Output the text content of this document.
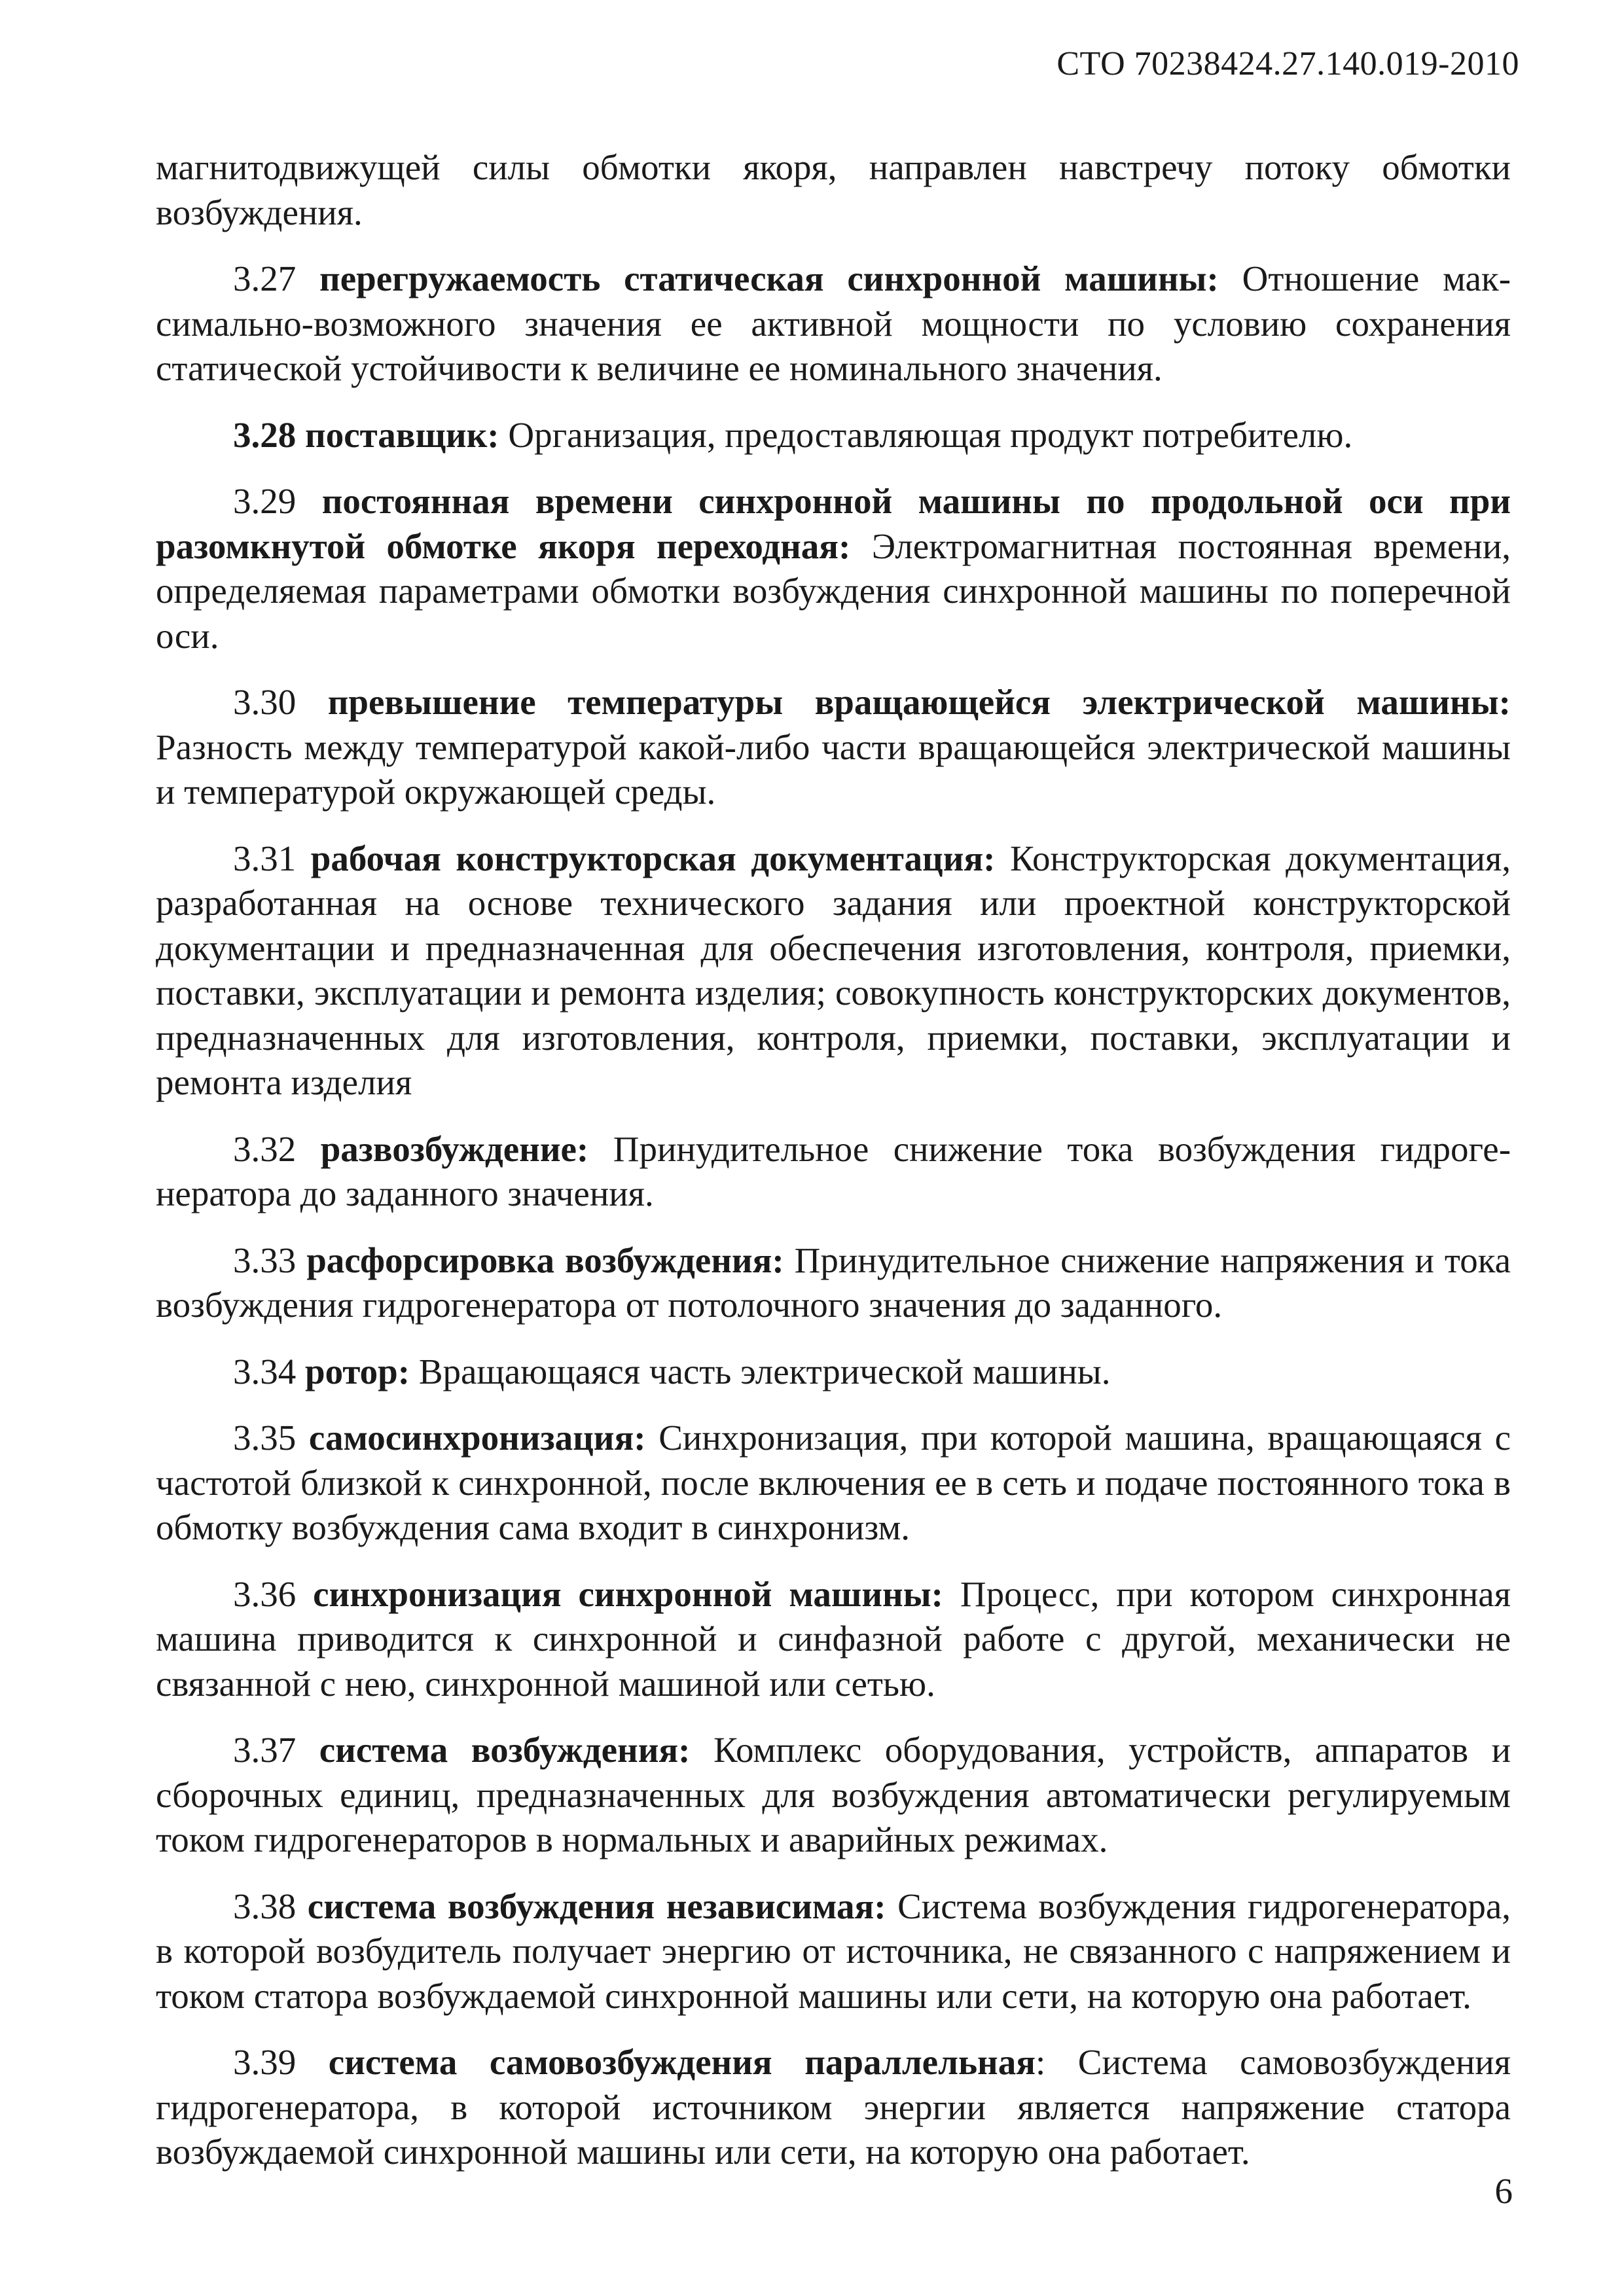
СТО 70238424.27.140.019-2010

магнитодвижущей силы обмотки якоря, направлен навстречу потоку обмотки возбуждения.

3.27 перегружаемость статическая синхронной машины: Отношение максимально-возможного значения ее активной мощности по условию сохранения статической устойчивости к величине ее номинального значения.

3.28 поставщик: Организация, предоставляющая продукт потребителю.

3.29 постоянная времени синхронной машины по продольной оси при разомкнутой обмотке якоря переходная: Электромагнитная постоянная времени, определяемая параметрами обмотки возбуждения синхронной машины по поперечной оси.

3.30 превышение температуры вращающейся электрической машины: Разность между температурой какой-либо части вращающейся электрической машины и температурой окружающей среды.

3.31 рабочая конструкторская документация: Конструкторская документация, разработанная на основе технического задания или проектной конструкторской документации и предназначенная для обеспечения изготовления, контроля, приемки, поставки, эксплуатации и ремонта изделия; совокупность конструкторских документов, предназначенных для изготовления, контроля, приемки, поставки, эксплуатации и ремонта изделия

3.32 развозбуждение: Принудительное снижение тока возбуждения гидрогенератора до заданного значения.

3.33 расфорсировка возбуждения: Принудительное снижение напряжения и тока возбуждения гидрогенератора от потолочного значения до заданного.

3.34 ротор: Вращающаяся часть электрической машины.

3.35 самосинхронизация: Синхронизация, при которой машина, вращающаяся с частотой близкой к синхронной, после включения ее в сеть и подаче постоянного тока в обмотку возбуждения сама входит в синхронизм.

3.36 синхронизация синхронной машины: Процесс, при котором синхронная машина приводится к синхронной и синфазной работе с другой, механически не связанной с нею, синхронной машиной или сетью.

3.37 система возбуждения: Комплекс оборудования, устройств, аппаратов и сборочных единиц, предназначенных для возбуждения автоматически регулируемым током гидрогенераторов в нормальных и аварийных режимах.

3.38 система возбуждения независимая: Система возбуждения гидрогенератора, в которой возбудитель получает энергию от источника, не связанного с напряжением и током статора возбуждаемой синхронной машины или сети, на которую она работает.

3.39 система самовозбуждения параллельная: Система самовозбуждения гидрогенератора, в которой источником энергии является напряжение статора возбуждаемой синхронной машины или сети, на которую она работает.

6
